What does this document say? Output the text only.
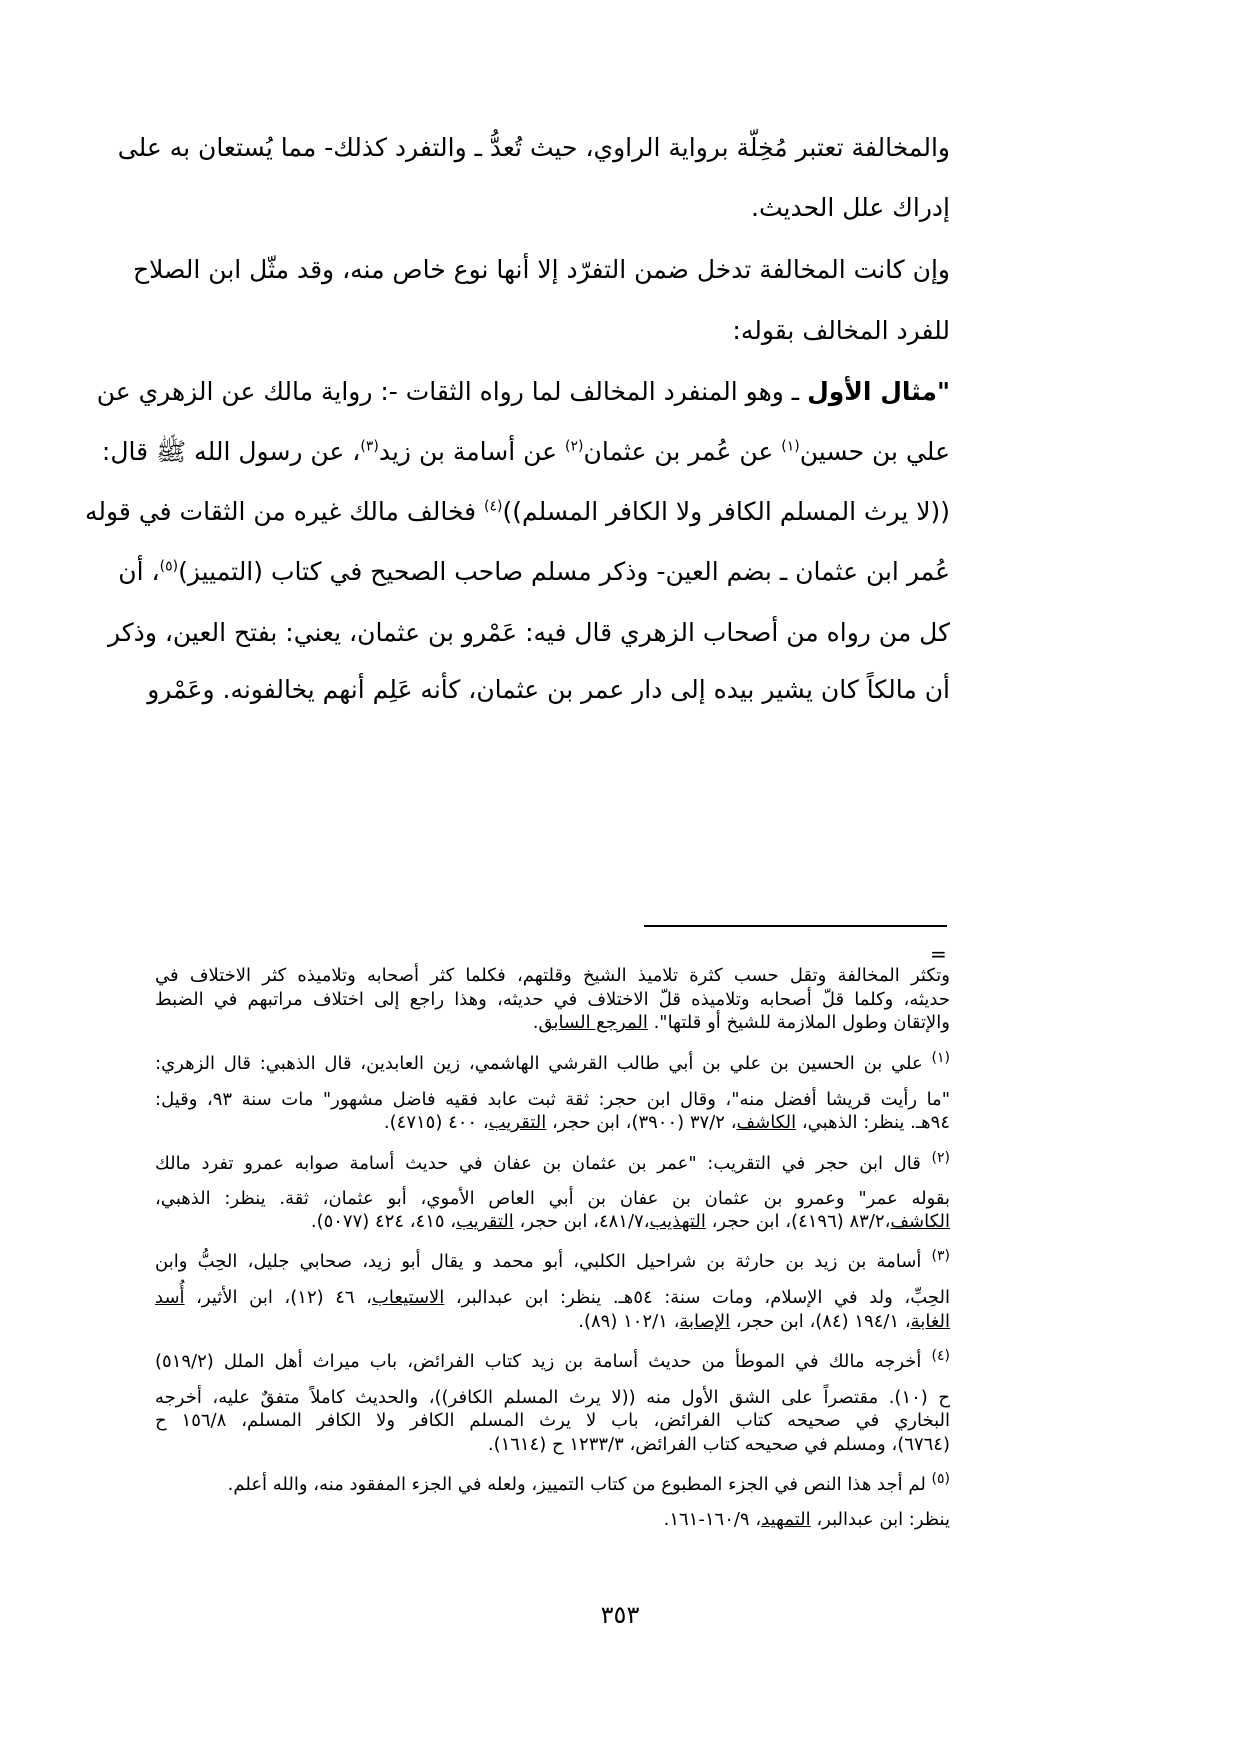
والمخالفة تعتبر مُخِلّة برواية الراوي، حيث تُعدُّ ـ والتفرد كذلك- مما يُستعان به على
إدراك علل الحديث.
وإن كانت المخالفة تدخل ضمن التفرّد إلا أنها نوع خاص منه، وقد مثّل ابن الصلاح
للفرد المخالف بقوله:
"مثال الأول ـ وهو المنفرد المخالف لما رواه الثقات -: رواية مالك عن الزهري عن
علي بن حسين$^{(١)}$ عن عُمر بن عثمان$^{(٢)}$ عن أسامة بن زيد$^{(٣)}$، عن رسول الله ﷺ قال:
((لا يرث المسلم الكافر ولا الكافر المسلم))$^{(٤)}$ فخالف مالك غيره من الثقات في قوله
عُمر ابن عثمان ـ بضم العين- وذكر مسلم صاحب الصحيح في كتاب (التمييز)$^{(٥)}$، أن
كل من رواه من أصحاب الزهري قال فيه: عَمْرو بن عثمان، يعني: بفتح العين، وذكر
أن مالكاً كان يشير بيده إلى دار عمر بن عثمان، كأنه عَلِم أنهم يخالفونه. وعَمْرو
=
وتكثر المخالفة وتقل حسب كثرة تلاميذ الشيخ وقلتهم، فكلما كثر أصحابه وتلاميذه كثر الاختلاف في
حديثه، وكلما قلّ أصحابه وتلاميذه قلّ الاختلاف في حديثه، وهذا راجع إلى اختلاف مراتبهم في الضبط
والإتقان وطول الملازمة للشيخ أو قلتها". المرجع السابق.
$^{(١)}$ علي بن الحسين بن علي بن أبي طالب القرشي الهاشمي، زين العابدين، قال الذهبي: قال الزهري:
"ما رأيت قريشا أفضل منه"، وقال ابن حجر: ثقة ثبت عابد فقيه فاضل مشهور" مات سنة ٩٣، وقيل:
٩٤هـ. ينظر: الذهبي، الكاشف، ٣٧/٢ (٣٩٠٠)، ابن حجر، التقريب، ٤٠٠ (٤٧١٥).
$^{(٢)}$ قال ابن حجر في التقريب: "عمر بن عثمان بن عفان في حديث أسامة صوابه عمرو تفرد مالك
بقوله عمر" وعمرو بن عثمان بن عفان بن أبي العاص الأموي، أبو عثمان، ثقة. ينظر: الذهبي،
الكاشف،٨٣/٢ (٤١٩٦)، ابن حجر، التهذيب،٤٨١/٧، ابن حجر، التقريب، ٤١٥، ٤٢٤ (٥٠٧٧).
$^{(٣)}$ أسامة بن زيد بن حارثة بن شراحيل الكلبي، أبو محمد و يقال أبو زيد، صحابي جليل، الحِبُّ وابن
الحِبِّ، ولد في الإسلام، ومات سنة: ٥٤هـ. ينظر: ابن عبدالبر، الاستيعاب، ٤٦ (١٢)، ابن الأثير، أُسد
الغابة، ١٩٤/١ (٨٤)، ابن حجر، الإصابة، ١٠٢/١ (٨٩).
$^{(٤)}$ أخرجه مالك في الموطأ من حديث أسامة بن زيد كتاب الفرائض، باب ميراث أهل الملل (٥١٩/٢)
ح (١٠). مقتصراً على الشق الأول منه ((لا يرث المسلم الكافر))، والحديث كاملاً متفقٌ عليه، أخرجه
البخاري في صحيحه كتاب الفرائض، باب لا يرث المسلم الكافر ولا الكافر المسلم، ١٥٦/٨ ح
(٦٧٦٤)، ومسلم في صحيحه كتاب الفرائض، ١٢٣٣/٣ ح (١٦١٤).
$^{(٥)}$ لم أجد هذا النص في الجزء المطبوع من كتاب التمييز، ولعله في الجزء المفقود منه، والله أعلم.
ينظر: ابن عبدالبر، التمهيد، ١٦٠/٩-١٦١.
٣٥٣
